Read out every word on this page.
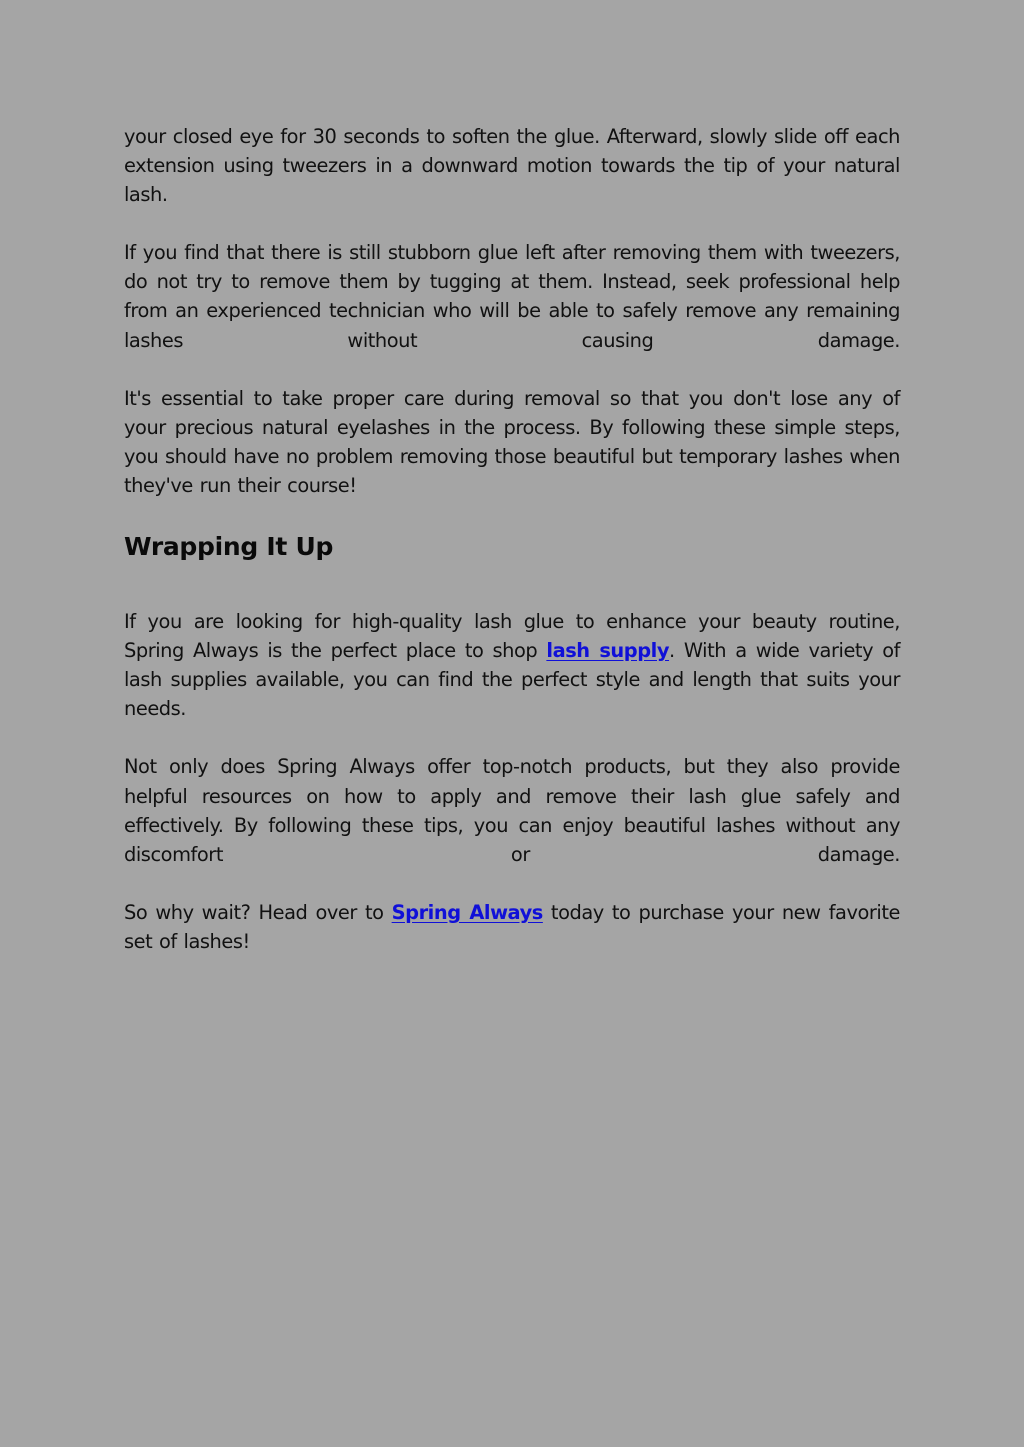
your closed eye for 30 seconds to soften the glue. Afterward, slowly slide off each extension using tweezers in a downward motion towards the tip of your natural lash.

If you find that there is still stubborn glue left after removing them with tweezers, do not try to remove them by tugging at them. Instead, seek professional help from an experienced technician who will be able to safely remove any remaining lashes without causing damage.

It's essential to take proper care during removal so that you don't lose any of your precious natural eyelashes in the process. By following these simple steps, you should have no problem removing those beautiful but temporary lashes when they've run their course!

Wrapping It Up

If you are looking for high-quality lash glue to enhance your beauty routine, Spring Always is the perfect place to shop lash supply. With a wide variety of lash supplies available, you can find the perfect style and length that suits your needs.

Not only does Spring Always offer top-notch products, but they also provide helpful resources on how to apply and remove their lash glue safely and effectively. By following these tips, you can enjoy beautiful lashes without any discomfort or damage.

So why wait? Head over to Spring Always today to purchase your new favorite set of lashes!
